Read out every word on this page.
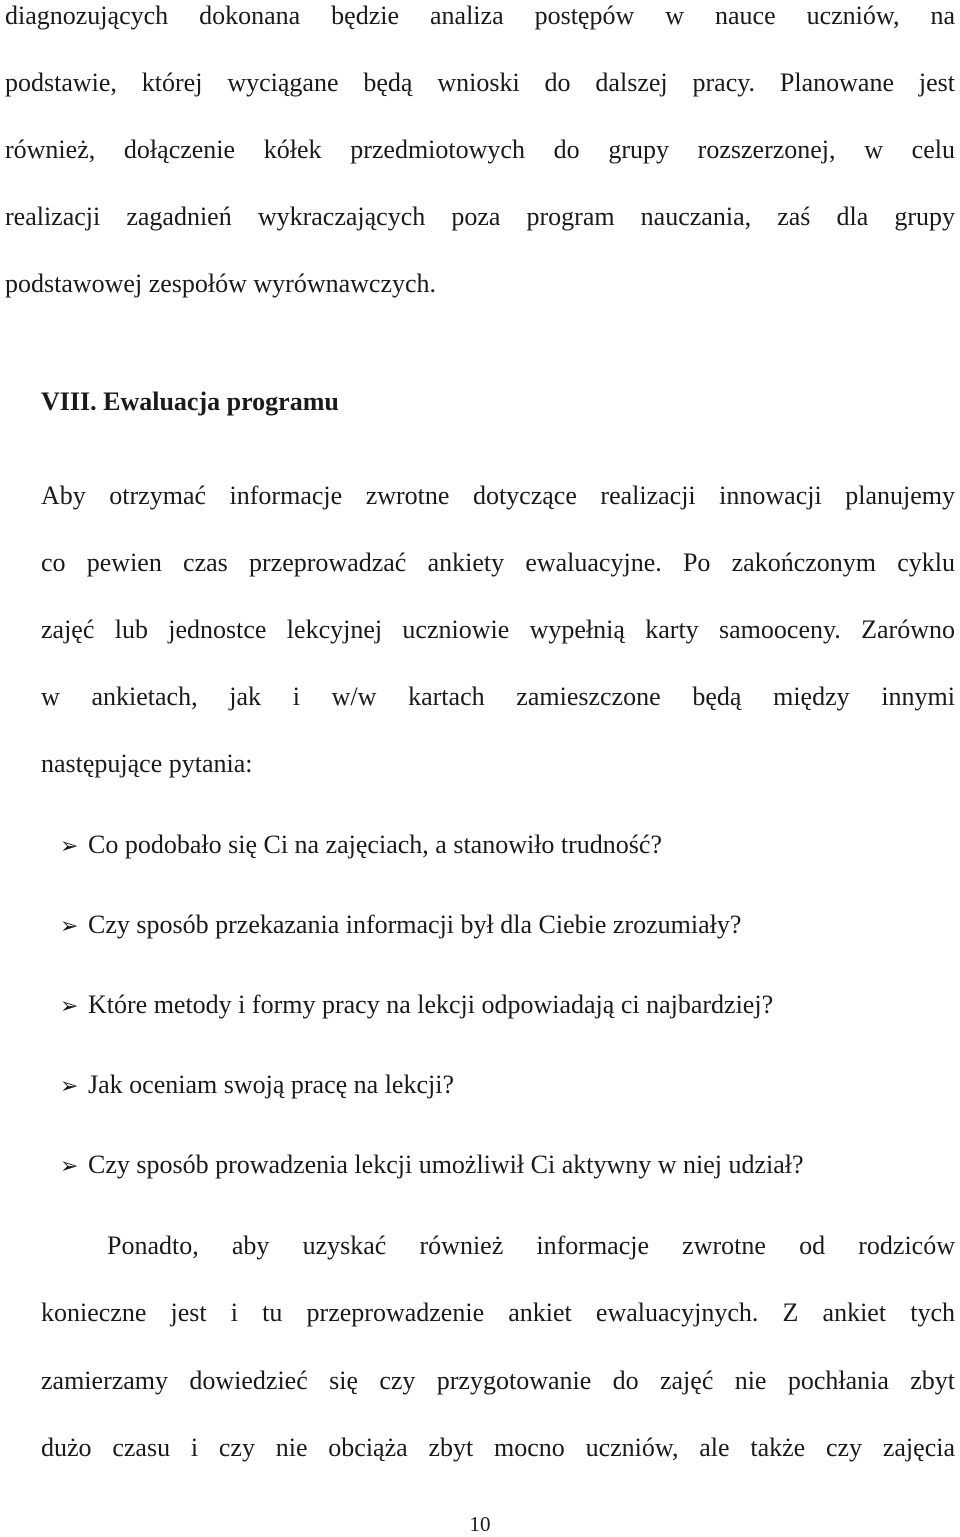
diagnozujących dokonana będzie analiza postępów w nauce uczniów, na
podstawie, której wyciągane będą wnioski do dalszej pracy. Planowane jest
również, dołączenie kółek przedmiotowych do grupy rozszerzonej, w celu
realizacji zagadnień wykraczających poza program nauczania, zaś dla grupy
podstawowej zespołów wyrównawczych.
VIII. Ewaluacja programu
Aby otrzymać informacje zwrotne dotyczące realizacji innowacji planujemy
co pewien czas przeprowadzać ankiety ewaluacyjne. Po zakończonym cyklu
zajęć lub jednostce lekcyjnej uczniowie wypełnią karty samooceny. Zarówno
w ankietach, jak i w/w kartach zamieszczone będą między innymi
następujące pytania:
➢ Co podobało się Ci na zajęciach, a stanowiło trudność?
➢ Czy sposób przekazania informacji był dla Ciebie zrozumiały?
➢ Które metody i formy pracy na lekcji odpowiadają ci najbardziej?
➢ Jak oceniam swoją pracę na lekcji?
➢ Czy sposób prowadzenia lekcji umożliwił Ci aktywny w niej udział?
Ponadto, aby uzyskać również informacje zwrotne od rodziców
konieczne jest i tu przeprowadzenie ankiet ewaluacyjnych. Z ankiet tych
zamierzamy dowiedzieć się czy przygotowanie do zajęć nie pochłania zbyt
dużo czasu i czy nie obciąża zbyt mocno uczniów, ale także czy zajęcia
10
